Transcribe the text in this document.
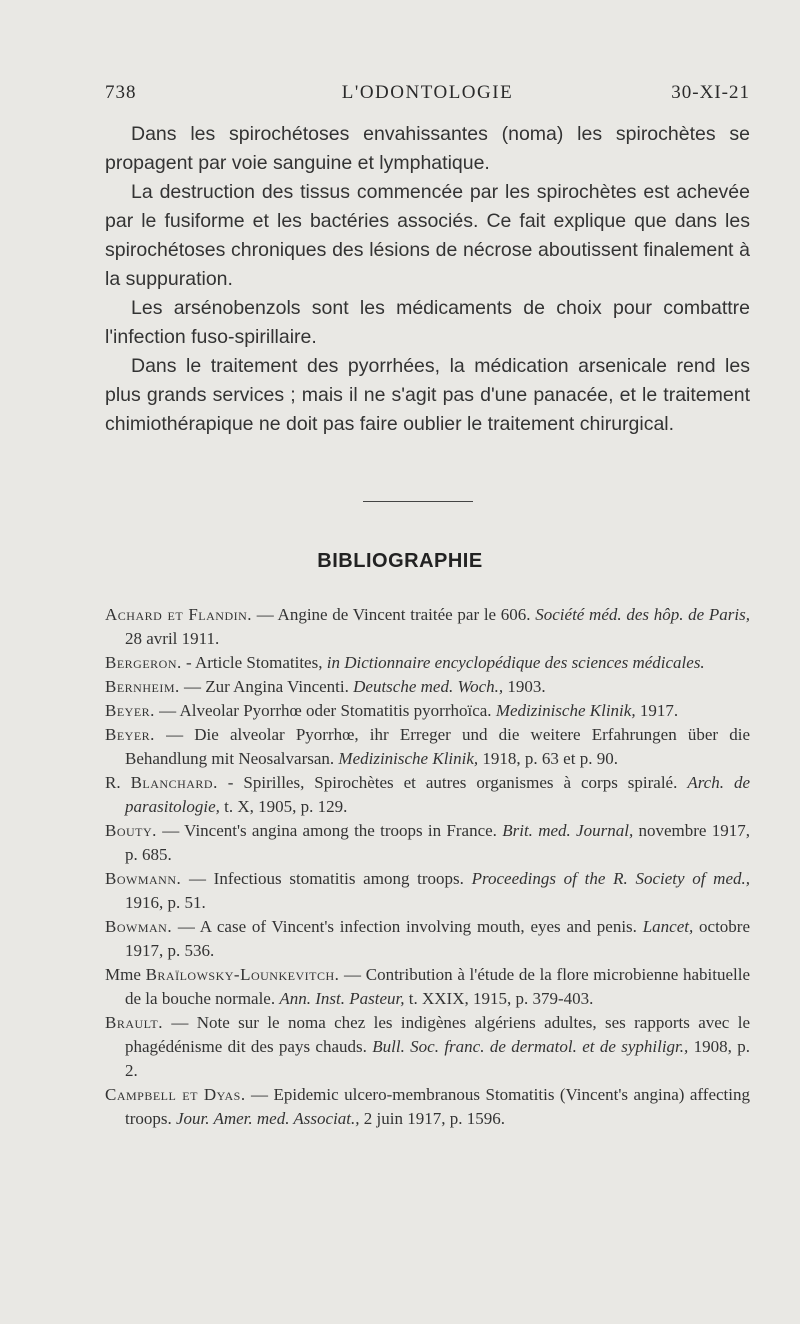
738	L'ODONTOLOGIE	30-XI-21

Dans les spirochétoses envahissantes (noma) les spirochètes se propagent par voie sanguine et lymphatique.

La destruction des tissus commencée par les spirochètes est achevée par le fusiforme et les bactéries associés. Ce fait explique que dans les spirochétoses chroniques des lésions de nécrose aboutissent finalement à la suppuration.

Les arsénobenzols sont les médicaments de choix pour combattre l'infection fuso-spirillaire.

Dans le traitement des pyorrhées, la médication arsenicale rend les plus grands services ; mais il ne s'agit pas d'une panacée, et le traitement chimiothérapique ne doit pas faire oublier le traitement chirurgical.

BIBLIOGRAPHIE

Achard et Flandin. — Angine de Vincent traitée par le 606. Société méd. des hôp. de Paris, 28 avril 1911.

Bergeron. - Article Stomatites, in Dictionnaire encyclopédique des sciences médicales.

Bernheim. — Zur Angina Vincenti. Deutsche med. Woch., 1903.

Beyer. — Alveolar Pyorrhœ oder Stomatitis pyorrhoïca. Medizinische Klinik, 1917.

Beyer. — Die alveolar Pyorrhœ, ihr Erreger und die weitere Erfahrungen über die Behandlung mit Neosalvarsan. Medizinische Klinik, 1918, p. 63 et p. 90.

R. Blanchard. - Spirilles, Spirochètes et autres organismes à corps spiralé. Arch. de parasitologie, t. X, 1905, p. 129.

Bouty. — Vincent's angina among the troops in France. Brit. med. Journal, novembre 1917, p. 685.

Bowmann. — Infectious stomatitis among troops. Proceedings of the R. Society of med., 1916, p. 51.

Bowman. — A case of Vincent's infection involving mouth, eyes and penis. Lancet, octobre 1917, p. 536.

Mme Braïlowsky-Lounkevitch. — Contribution à l'étude de la flore microbienne habituelle de la bouche normale. Ann. Inst. Pasteur, t. XXIX, 1915, p. 379-403.

Brault. — Note sur le noma chez les indigènes algériens adultes, ses rapports avec le phagédénisme dit des pays chauds. Bull. Soc. franc. de dermatol. et de syphiligr., 1908, p. 2.

Campbell et Dyas. — Epidemic ulcero-membranous Stomatitis (Vincent's angina) affecting troops. Jour. Amer. med. Associat., 2 juin 1917, p. 1596.
